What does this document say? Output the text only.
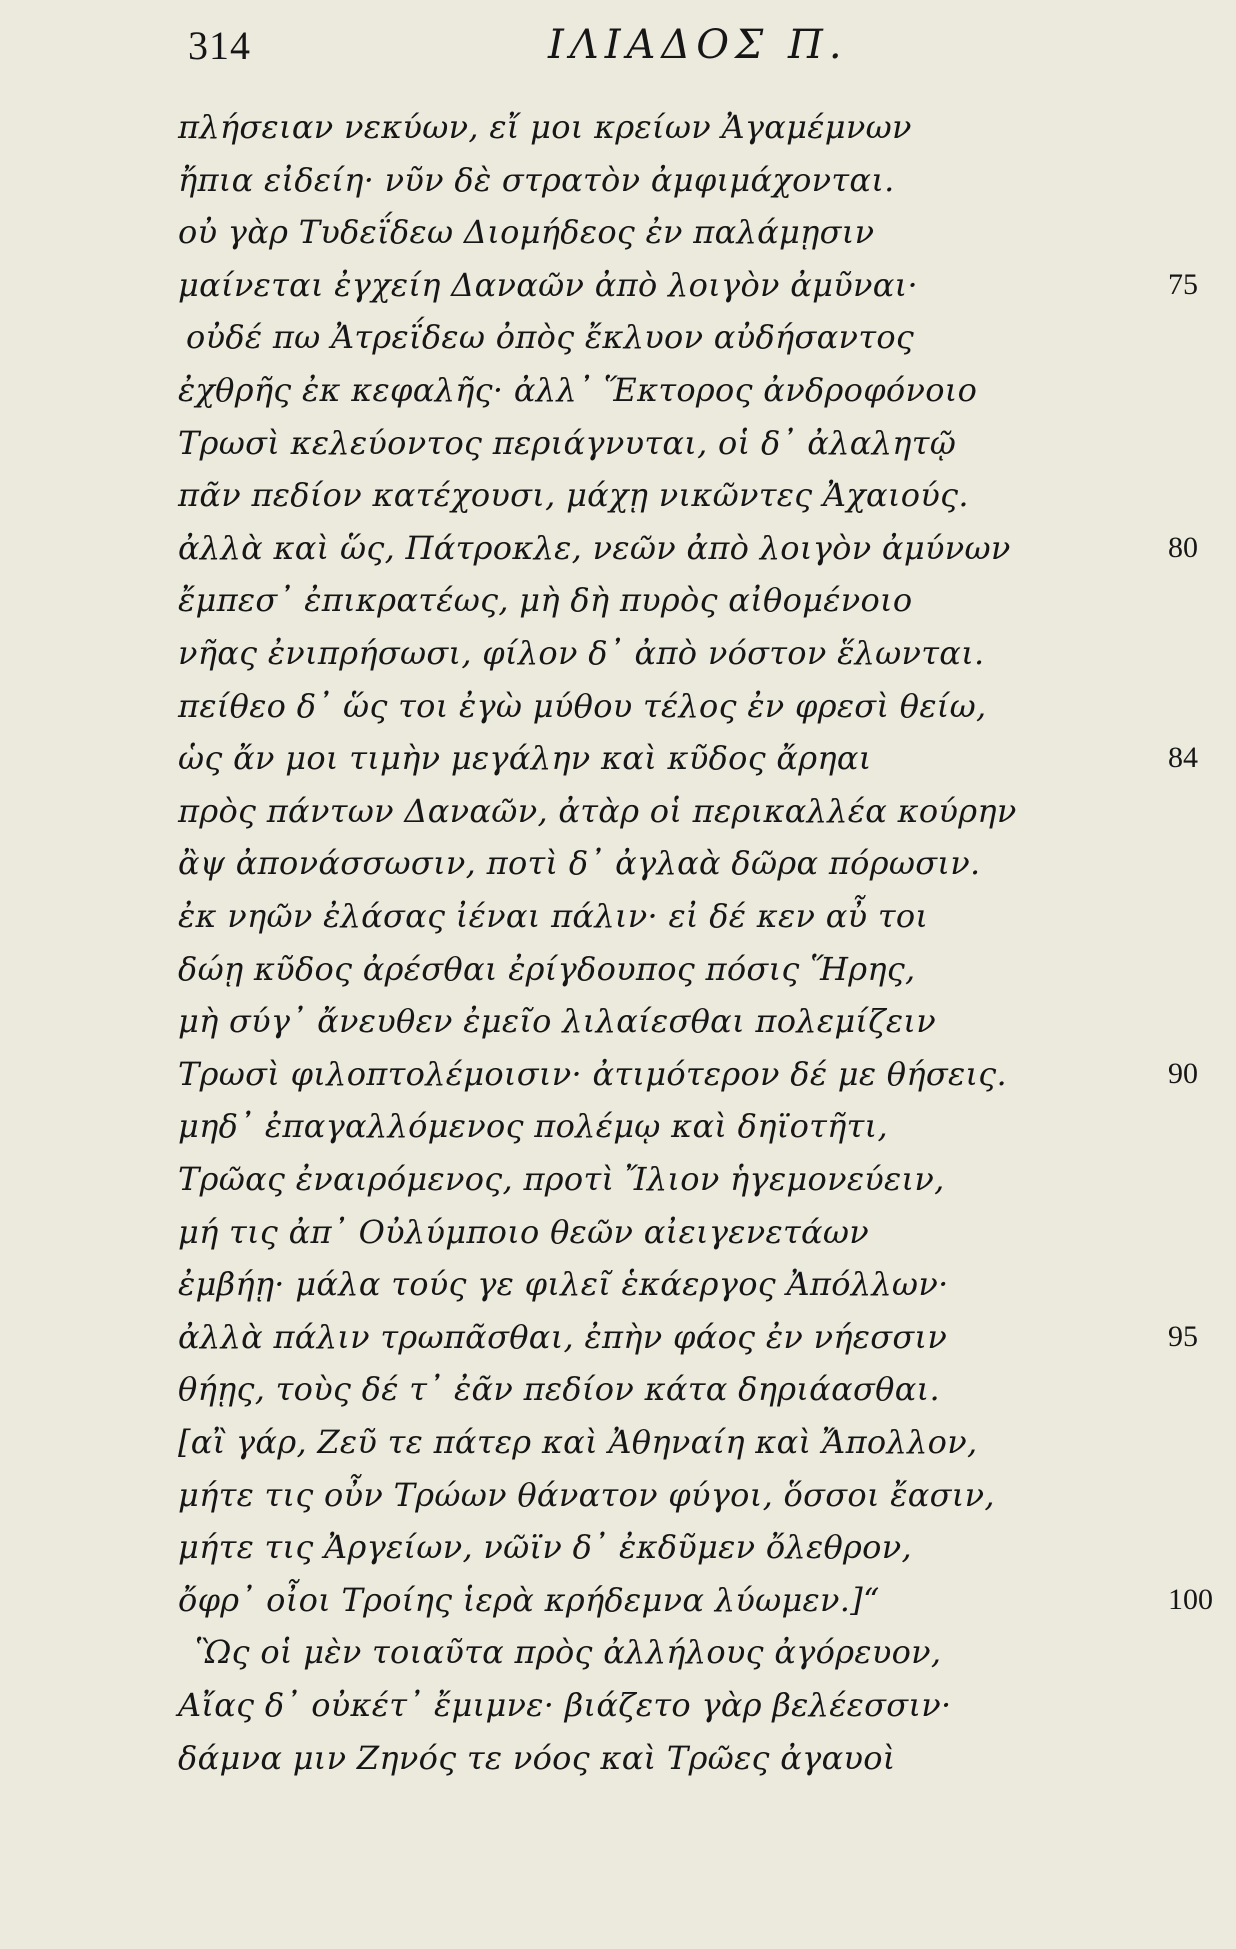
314	ΙΛΙΑΔΟΣ Π.
πλήσειαν νεκύων, εἴ μοι κρείων Ἀγαμέμνων
ἤπια εἰδείη· νῦν δὲ στρατὸν ἀμφιμάχονται.
οὐ γὰρ Τυδεΐδεω Διομήδεος ἐν παλάμῃσιν
μαίνεται ἐγχείη Δαναῶν ἀπὸ λοιγὸν ἀμῦναι·	75
οὐδέ πω Ἀτρεΐδεω ὀπὸς ἔκλυον αὐδήσαντος
ἐχθρῆς ἐκ κεφαλῆς· ἀλλ᾽ Ἕκτορος ἀνδροφόνοιο
Τρωσὶ κελεύοντος περιάγνυται, οἱ δ᾽ ἀλαλητῷ
πᾶν πεδίον κατέχουσι, μάχῃ νικῶντες Ἀχαιούς.
ἀλλὰ καὶ ὥς, Πάτροκλε, νεῶν ἀπὸ λοιγὸν ἀμύνων	80
ἔμπεσ᾽ ἐπικρατέως, μὴ δὴ πυρὸς αἰθομένοιο
νῆας ἐνιπρήσωσι, φίλον δ᾽ ἀπὸ νόστον ἕλωνται.
πείθεο δ᾽ ὥς τοι ἐγὼ μύθου τέλος ἐν φρεσὶ θείω,
ὡς ἄν μοι τιμὴν μεγάλην καὶ κῦδος ἄρηαι	84
πρὸς πάντων Δαναῶν, ἀτὰρ οἱ περικαλλέα κούρην
ἂψ ἀπονάσσωσιν, ποτὶ δ᾽ ἀγλαὰ δῶρα πόρωσιν.
ἐκ νηῶν ἐλάσας ἰέναι πάλιν· εἰ δέ κεν αὖ τοι
δώῃ κῦδος ἀρέσθαι ἐρίγδουπος πόσις Ἥρης,
μὴ σύγ᾽ ἄνευθεν ἐμεῖο λιλαίεσθαι πολεμίζειν
Τρωσὶ φιλοπτολέμοισιν· ἀτιμότερον δέ με θήσεις.	90
μηδ᾽ ἐπαγαλλόμενος πολέμῳ καὶ δηϊοτῆτι,
Τρῶας ἐναιρόμενος, προτὶ Ἴλιον ἡγεμονεύειν,
μή τις ἀπ᾽ Οὐλύμποιο θεῶν αἰειγενετάων
ἐμβήῃ· μάλα τούς γε φιλεῖ ἑκάεργος Ἀπόλλων·
ἀλλὰ πάλιν τρωπᾶσθαι, ἐπὴν φάος ἐν νήεσσιν	95
θήῃς, τοὺς δέ τ᾽ ἐᾶν πεδίον κάτα δηριάασθαι.
[αἲ γάρ, Ζεῦ τε πάτερ καὶ Ἀθηναίη καὶ Ἄπολλον,
μήτε τις οὖν Τρώων θάνατον φύγοι, ὅσσοι ἔασιν,
μήτε τις Ἀργείων, νῶϊν δ᾽ ἐκδῦμεν ὄλεθρον,
ὄφρ᾽ οἶοι Τροίης ἱερὰ κρήδεμνα λύωμεν.]“	100
Ὣς οἱ μὲν τοιαῦτα πρὸς ἀλλήλους ἀγόρευον,
Αἴας δ᾽ οὐκέτ᾽ ἔμιμνε· βιάζετο γὰρ βελέεσσιν·
δάμνα μιν Ζηνός τε νόος καὶ Τρῶες ἀγαυοὶ
